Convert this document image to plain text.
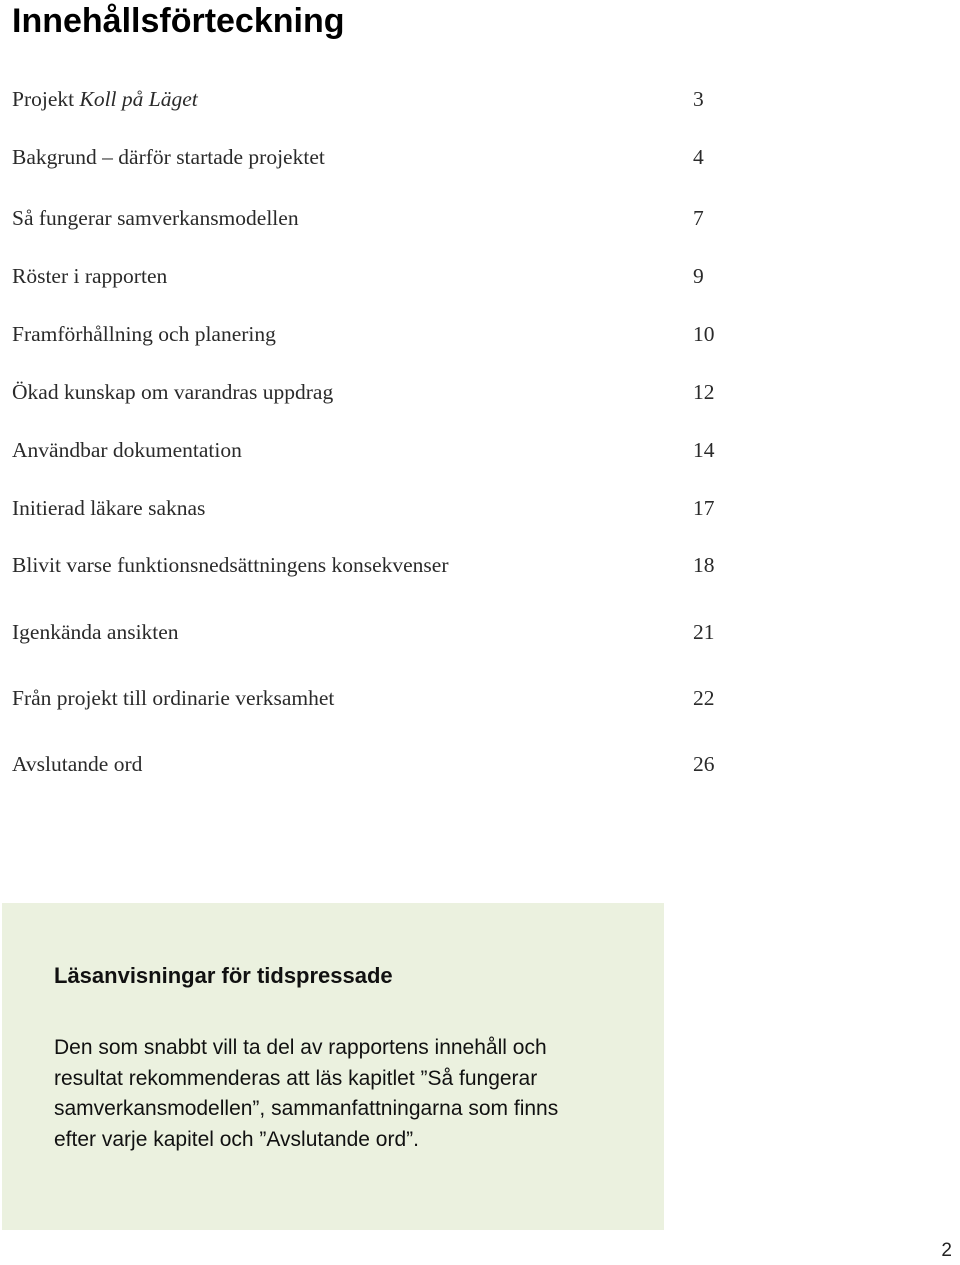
Innehållsförteckning
Projekt Koll på Läget	3
Bakgrund – därför startade projektet	4
Så fungerar samverkansmodellen	7
Röster i rapporten	9
Framförhållning och planering	10
Ökad kunskap om varandras uppdrag	12
Användbar dokumentation	14
Initierad läkare saknas	17
Blivit varse funktionsnedsättningens konsekvenser	18
Igenkända ansikten	21
Från projekt till ordinarie verksamhet	22
Avslutande ord	26
Läsanvisningar för tidspressade

Den som snabbt vill ta del av rapportens innehåll och
resultat rekommenderas att läs kapitlet ”Så fungerar
samverkansmodellen”, sammanfattningarna som finns
efter varje kapitel och ”Avslutande ord”.

2
